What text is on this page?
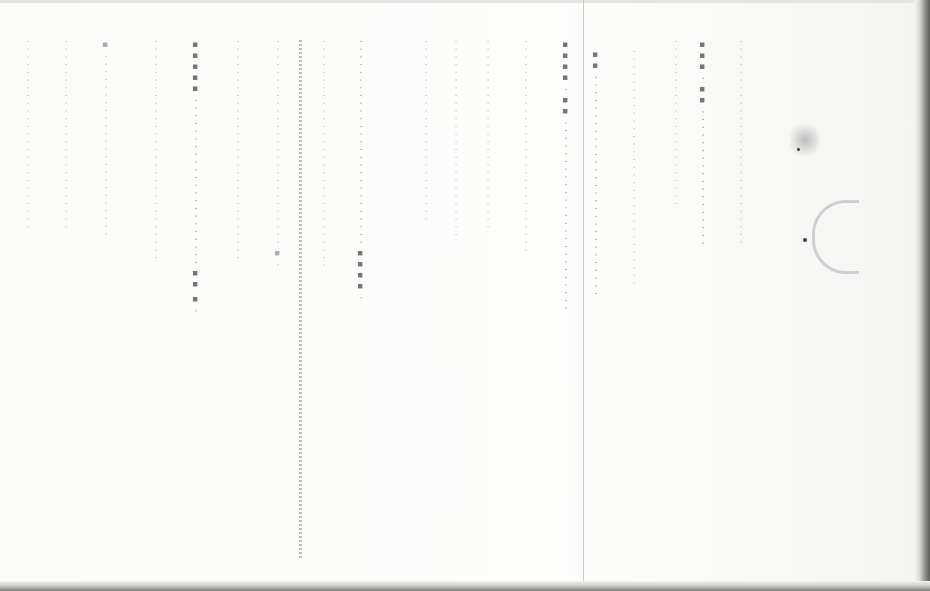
· · · · · · · · · · · · · · · · · · · · · · · · · · ·
▪▪▪ · ▪▪ · · · · · · · · · · · · · · · · · ·
· · · · · · · · · · · · · · · · · · · · · ·
· · · · · · · · · · · · · · · · · · · · · · · · · · · · · · ·
▪▪ · · · · · · · · · · · · · · · · · · · · · · · · · · · · ·
▪▪▪▪ · ▪▪ · · · · · · · · · · · · · · · · · · · · · · · · ·
· · · · · · · · · · · · · · · · · · · · · · · · · · · ·
· · · · · · · · · · · · · · · · · · · · · · · · ·
· · · · · · · · · · · · · · · · · · · · · · · · · ·
· · · · · · · · · · · · · · · · · · · · · · · ·
· · · · · · · · · · · · · · · · · · · · · · · · · · · ▪▪▪▪ ·
· · · · · · · · · · · · · · · · · · · · · · · · · · · · · ·
· · · · · · · · · · · · · · · · · · · · · · · · · · · ▪ ·
· · · · · · · · · · · · · · · · · · · · · · · · · · · · ·
▪▪▪▪▪ · · · · · · · · · · · · · · · · · · · · · · ▪▪ ▪ ·
· · · · · · · · · · · · · · · · · · · · · · · · · · · · ·
▪ · · · · · · · · · · · · · · · · · · · · · · · ·
· · · · · · · · · · · · · · · · · · · · · · · · ·
· · · · · · · · · · · · · · · · · · · · · · · · ·
